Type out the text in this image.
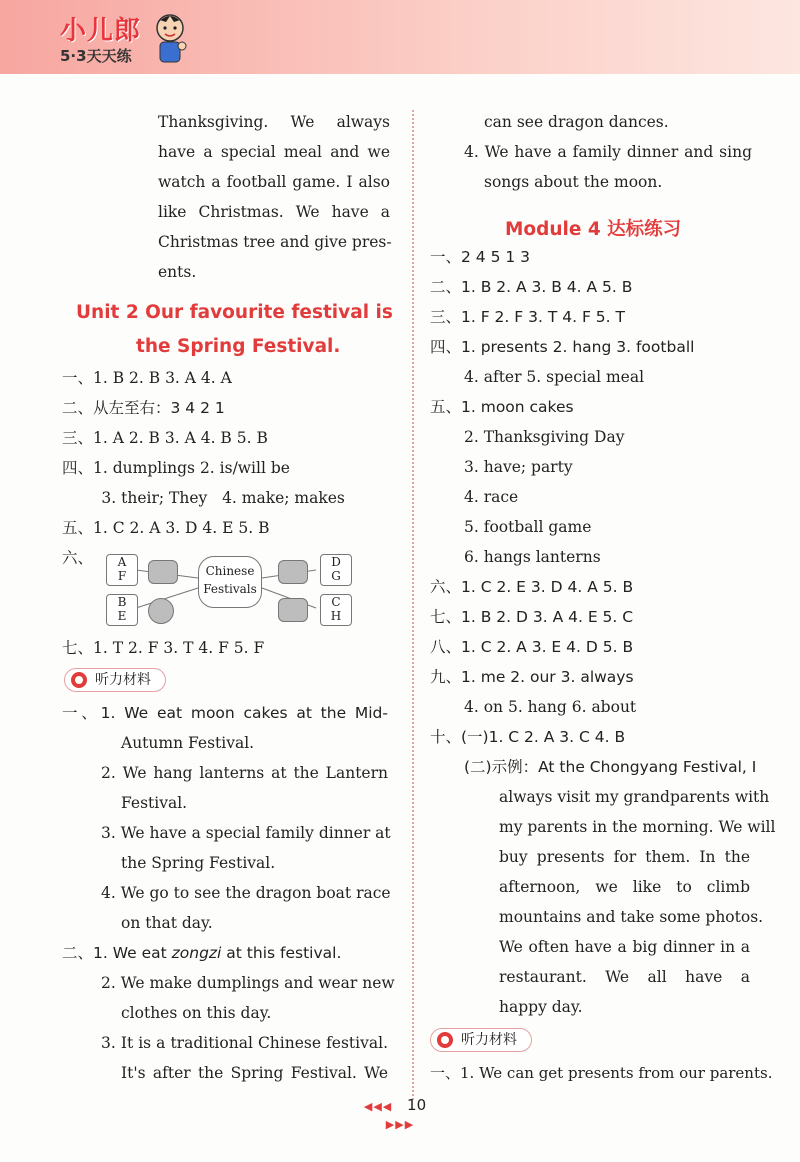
小儿郎
5·3天天练
Thanksgiving. We always
have a special meal and we
watch a football game. I also
like Christmas. We have a
Christmas tree and give pres-
ents.
Unit 2 Our favourite festival is
the Spring Festival.
一、1. B 2. B 3. A 4. A
二、从左至右：3 4 2 1
三、1. A 2. B 3. A 4. B 5. B
四、1. dumplings 2. is/will be
3. their; They   4. make; makes
五、1. C 2. A 3. D 4. E 5. B
六、	A
F
B
E
Chinese
Festivals
D
G
C
H
七、1. T 2. F 3. T 4. F 5. F
听力材料
一、1. We eat moon cakes at the Mid-
Autumn Festival.
2. We hang lanterns at the Lantern
Festival.
3. We have a special family dinner at
the Spring Festival.
4. We go to see the dragon boat race
on that day.
二、1. We eat zongzi at this festival.
2. We make dumplings and wear new
clothes on this day.
3. It is a traditional Chinese festival.
It's after the Spring Festival. We
can see dragon dances.
4. We have a family dinner and sing
songs about the moon.
Module 4 达标练习
一、2 4 5 1 3
二、1. B 2. A 3. B 4. A 5. B
三、1. F 2. F 3. T 4. F 5. T
四、1. presents 2. hang 3. football
4. after 5. special meal
五、1. moon cakes
2. Thanksgiving Day
3. have; party
4. race
5. football game
6. hangs lanterns
六、1. C 2. E 3. D 4. A 5. B
七、1. B 2. D 3. A 4. E 5. C
八、1. C 2. A 3. E 4. D 5. B
九、1. me 2. our 3. always
4. on 5. hang 6. about
十、(一)1. C 2. A 3. C 4. B
(二)示例：At the Chongyang Festival, I
always visit my grandparents with
my parents in the morning. We will
buy presents for them. In the
afternoon, we like to climb
mountains and take some photos.
We often have a big dinner in a
restaurant. We all have a
happy day.
听力材料
一、1. We can get presents from our parents.
◀◀◀ 10 ▶▶▶
